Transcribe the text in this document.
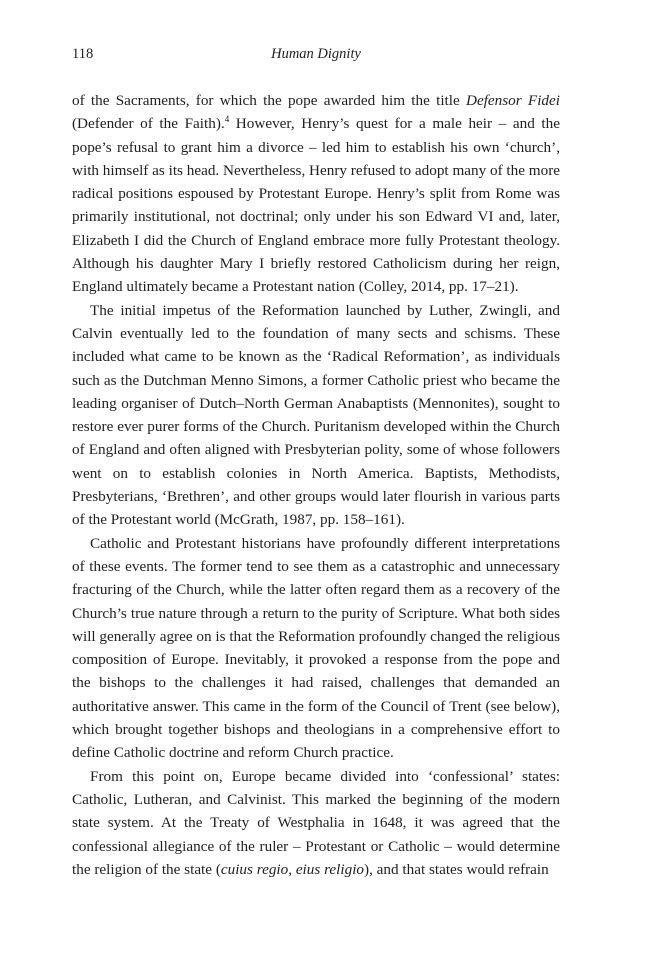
118	Human Dignity

of the Sacraments, for which the pope awarded him the title Defensor Fidei (Defender of the Faith).$^4$ However, Henry’s quest for a male heir – and the pope’s refusal to grant him a divorce – led him to establish his own ‘church’, with himself as its head. Nevertheless, Henry refused to adopt many of the more radical positions espoused by Protestant Europe. Henry’s split from Rome was primarily institutional, not doctrinal; only under his son Edward VI and, later, Elizabeth I did the Church of England embrace more fully Protestant theology. Although his daughter Mary I briefly restored Catholicism during her reign, England ultimately became a Protestant nation (Colley, 2014, pp. 17–21).

The initial impetus of the Reformation launched by Luther, Zwingli, and Calvin eventually led to the foundation of many sects and schisms. These included what came to be known as the ‘Radical Reformation’, as individuals such as the Dutchman Menno Simons, a former Catholic priest who became the leading organiser of Dutch–North German Anabaptists (Mennonites), sought to restore ever purer forms of the Church. Puritanism developed within the Church of England and often aligned with Presbyterian polity, some of whose followers went on to establish colonies in North America. Baptists, Methodists, Presbyterians, ‘Brethren’, and other groups would later flourish in various parts of the Protestant world (McGrath, 1987, pp. 158–161).

Catholic and Protestant historians have profoundly different interpretations of these events. The former tend to see them as a catastrophic and unnecessary fracturing of the Church, while the latter often regard them as a recovery of the Church’s true nature through a return to the purity of Scripture. What both sides will generally agree on is that the Reformation profoundly changed the religious composition of Europe. Inevitably, it provoked a response from the pope and the bishops to the challenges it had raised, challenges that demanded an authoritative answer. This came in the form of the Council of Trent (see below), which brought together bishops and theologians in a comprehensive effort to define Catholic doctrine and reform Church practice.

From this point on, Europe became divided into ‘confessional’ states: Catholic, Lutheran, and Calvinist. This marked the beginning of the modern state system. At the Treaty of Westphalia in 1648, it was agreed that the confessional allegiance of the ruler – Protestant or Catholic – would determine the religion of the state (cuius regio, eius religio), and that states would refrain
